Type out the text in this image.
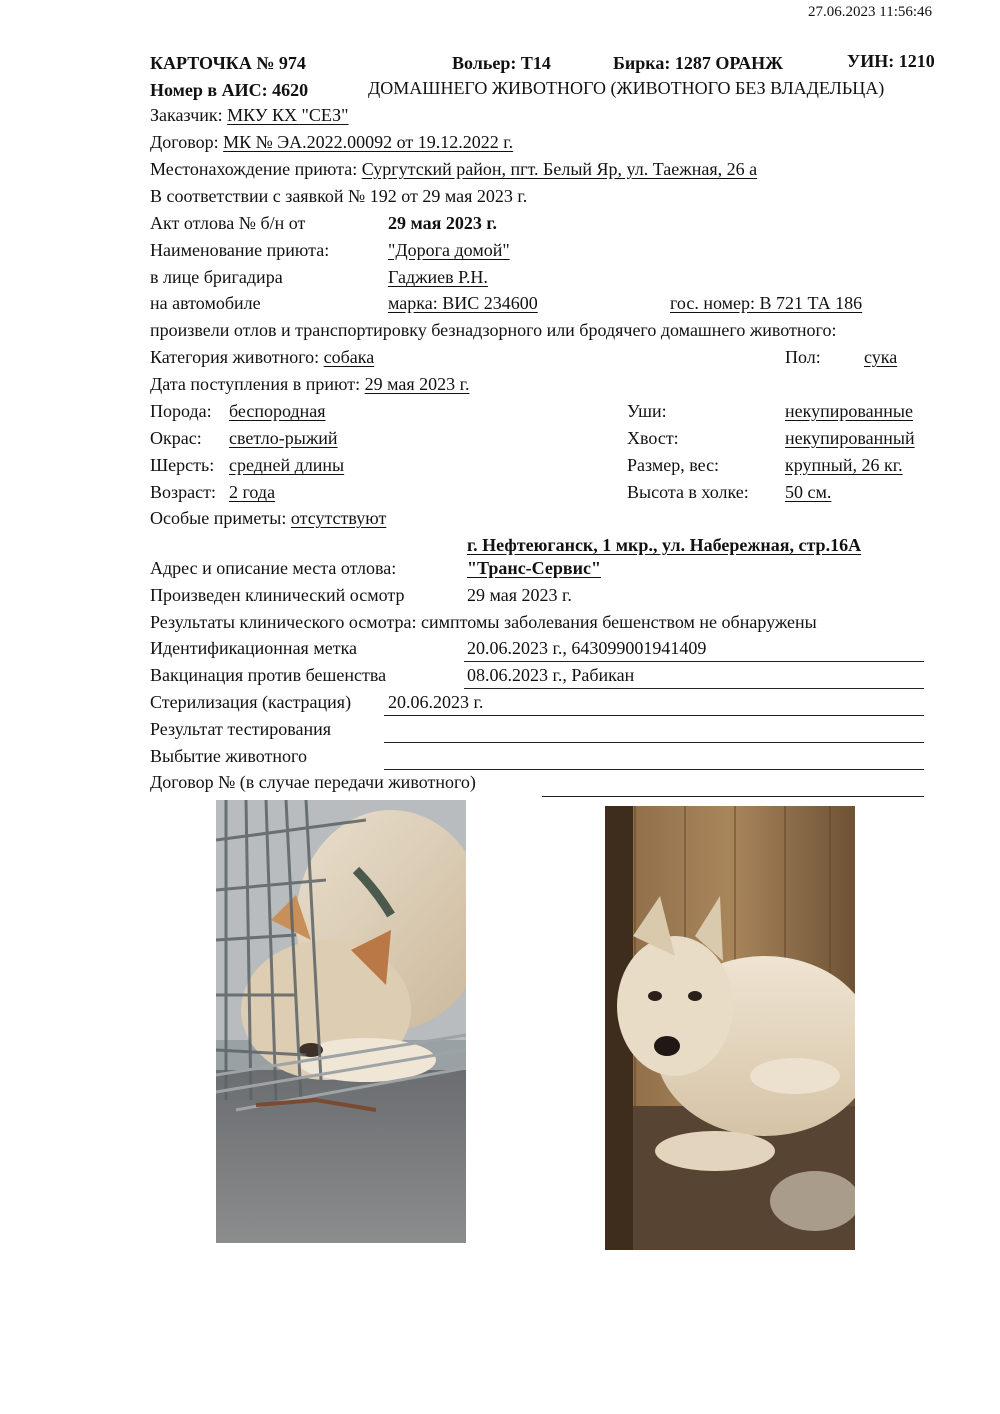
27.06.2023 11:56:46
КАРТОЧКА № 974	Вольер: Т14	Бирка: 1287 ОРАНЖ	УИН: 1210
Номер в АИС: 4620	ДОМАШНЕГО ЖИВОТНОГО (ЖИВОТНОГО БЕЗ ВЛАДЕЛЬЦА)
Заказчик: МКУ КХ "СЕЗ"
Договор: МК № ЭА.2022.00092 от 19.12.2022 г.
Местонахождение приюта: Сургутский район, пгт. Белый Яр, ул. Таежная, 26 а
В соответствии с заявкой № 192 от 29 мая 2023 г.
Акт отлова № б/н от	29 мая 2023 г.
Наименование приюта:	"Дорога домой"
в лице бригадира	Гаджиев Р.Н.
на автомобиле	марка: ВИС 234600	гос. номер: В 721 ТА 186
произвели отлов и транспортировку безнадзорного или бродячего домашнего животного:
Категория животного: собака	Пол: сука
Дата поступления в приют: 29 мая 2023 г.
Порода: беспородная	Уши:	некупированные
Окрас: светло-рыжий	Хвост:	некупированный
Шерсть: средней длины	Размер, вес:	крупный, 26 кг.
Возраст: 2 года	Высота в холке: 50 см.
Особые приметы: отсутствуют
г. Нефтеюганск, 1 мкр., ул. Набережная, стр.16А
Адрес и описание места отлова:	"Транс-Сервис"
Произведен клинический осмотр	29 мая 2023 г.
Результаты клинического осмотра: симптомы заболевания бешенством не обнаружены
Идентификационная метка	20.06.2023 г., 643099001941409
Вакцинация против бешенства	08.06.2023 г., Рабикан
Стерилизация (кастрация) 20.06.2023 г.
Результат тестирования
Выбытие животного
Договор № (в случае передачи животного)
